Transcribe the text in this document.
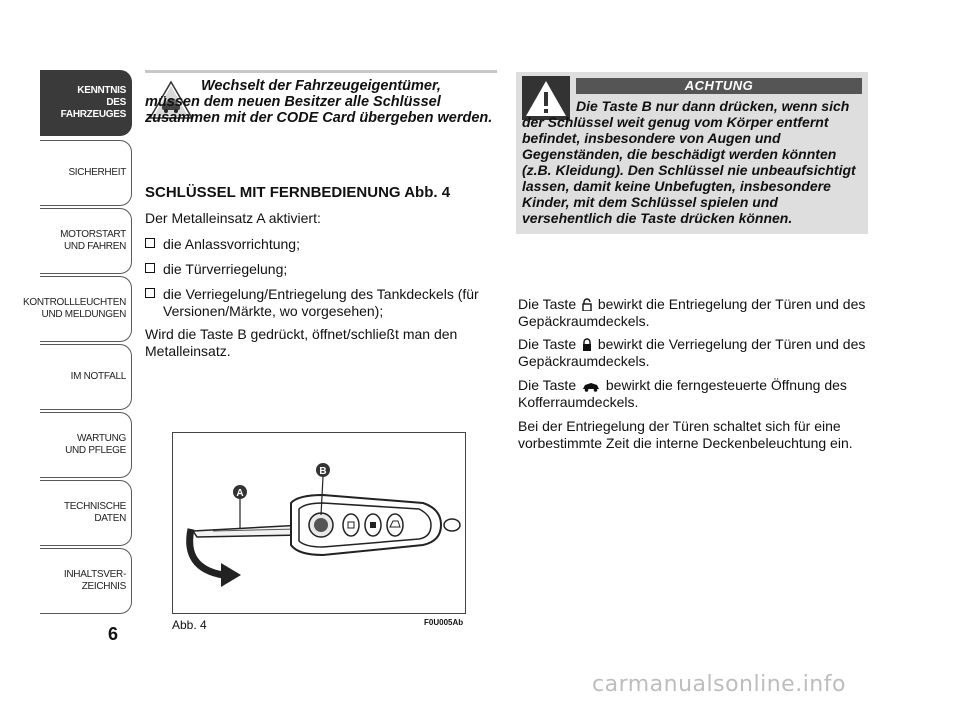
KENNTNIS
DES FAHRZEUGES
SICHERHEIT
MOTORSTART
UND FAHREN
KONTROLLLEUCHTEN
UND MELDUNGEN
IM NOTFALL
WARTUNG
UND PFLEGE
TECHNISCHE DATEN
INHALTSVER-
ZEICHNIS
6
Wechselt der Fahrzeugeigentümer, müssen dem neuen Besitzer alle Schlüssel zusammen mit der CODE Card übergeben werden.
SCHLÜSSEL MIT FERNBEDIENUNG Abb. 4
Der Metalleinsatz A aktiviert:
die Anlassvorrichtung;
die Türverriegelung;
die Verriegelung/Entriegelung des Tankdeckels (für Versionen/Märkte, wo vorgesehen);
Wird die Taste B gedrückt, öffnet/schließt man den Metalleinsatz.
A
B
Abb. 4	F0U005Ab
ACHTUNG
Die Taste B nur dann drücken, wenn sich der Schlüssel weit genug vom Körper entfernt befindet, insbesondere von Augen und Gegenständen, die beschädigt werden könnten (z.B. Kleidung). Den Schlüssel nie unbeaufsichtigt lassen, damit keine Unbefugten, insbesondere Kinder, mit dem Schlüssel spielen und versehentlich die Taste drücken können.
Die Taste bewirkt die Entriegelung der Türen und des Gepäckraumdeckels.
Die Taste bewirkt die Verriegelung der Türen und des Gepäckraumdeckels.
Die Taste bewirkt die ferngesteuerte Öffnung des Kofferraumdeckels.
Bei der Entriegelung der Türen schaltet sich für eine vorbestimmte Zeit die interne Deckenbeleuchtung ein.
carmanualsonline.info
